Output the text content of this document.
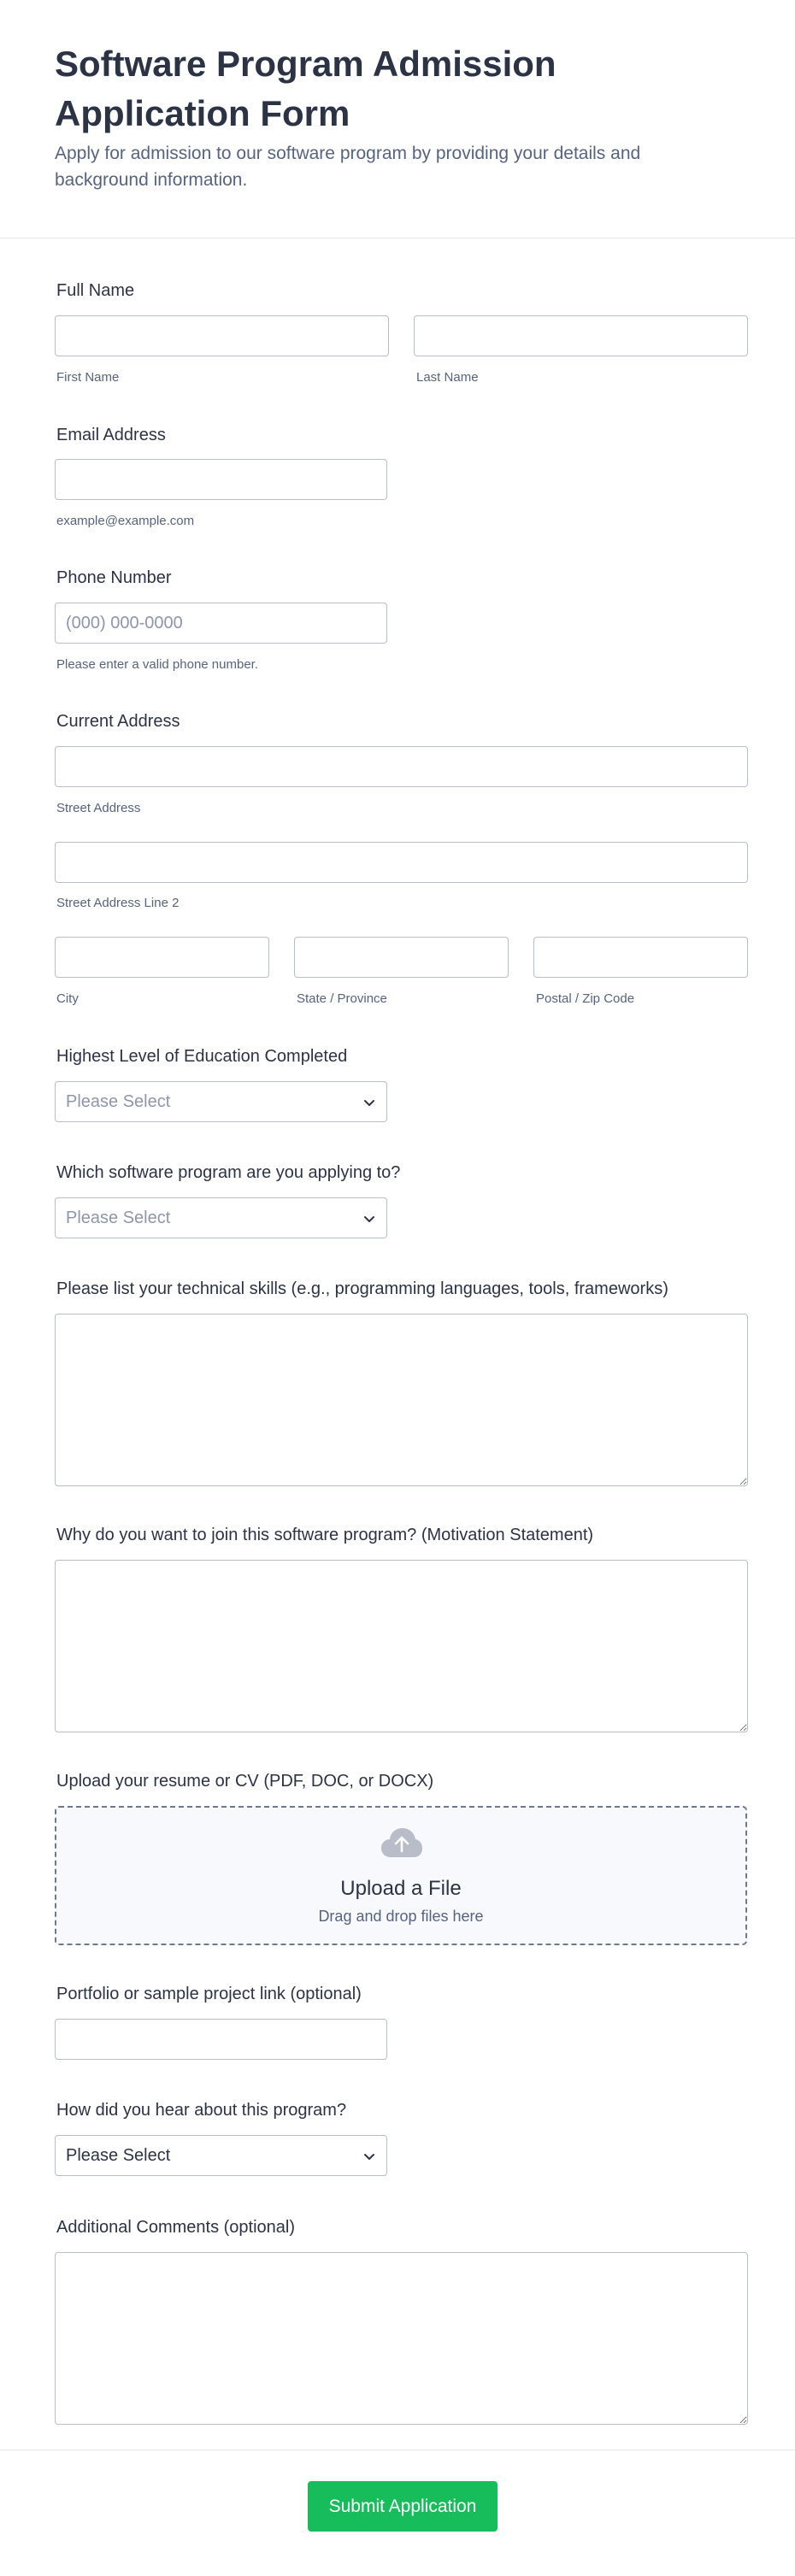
Software Program Admission Application Form

Apply for admission to our software program by providing your details and background information.

Full Name
First Name	Last Name
Email Address
example@example.com
Phone Number
(000) 000-0000
Please enter a valid phone number.
Current Address
Street Address
Street Address Line 2
City	State / Province	Postal / Zip Code
Highest Level of Education Completed
Please Select
Which software program are you applying to?
Please Select
Please list your technical skills (e.g., programming languages, tools, frameworks)
Why do you want to join this software program? (Motivation Statement)
Upload your resume or CV (PDF, DOC, or DOCX)
Upload a File
Drag and drop files here
Portfolio or sample project link (optional)
How did you hear about this program?
Please Select
Additional Comments (optional)
Submit Application
